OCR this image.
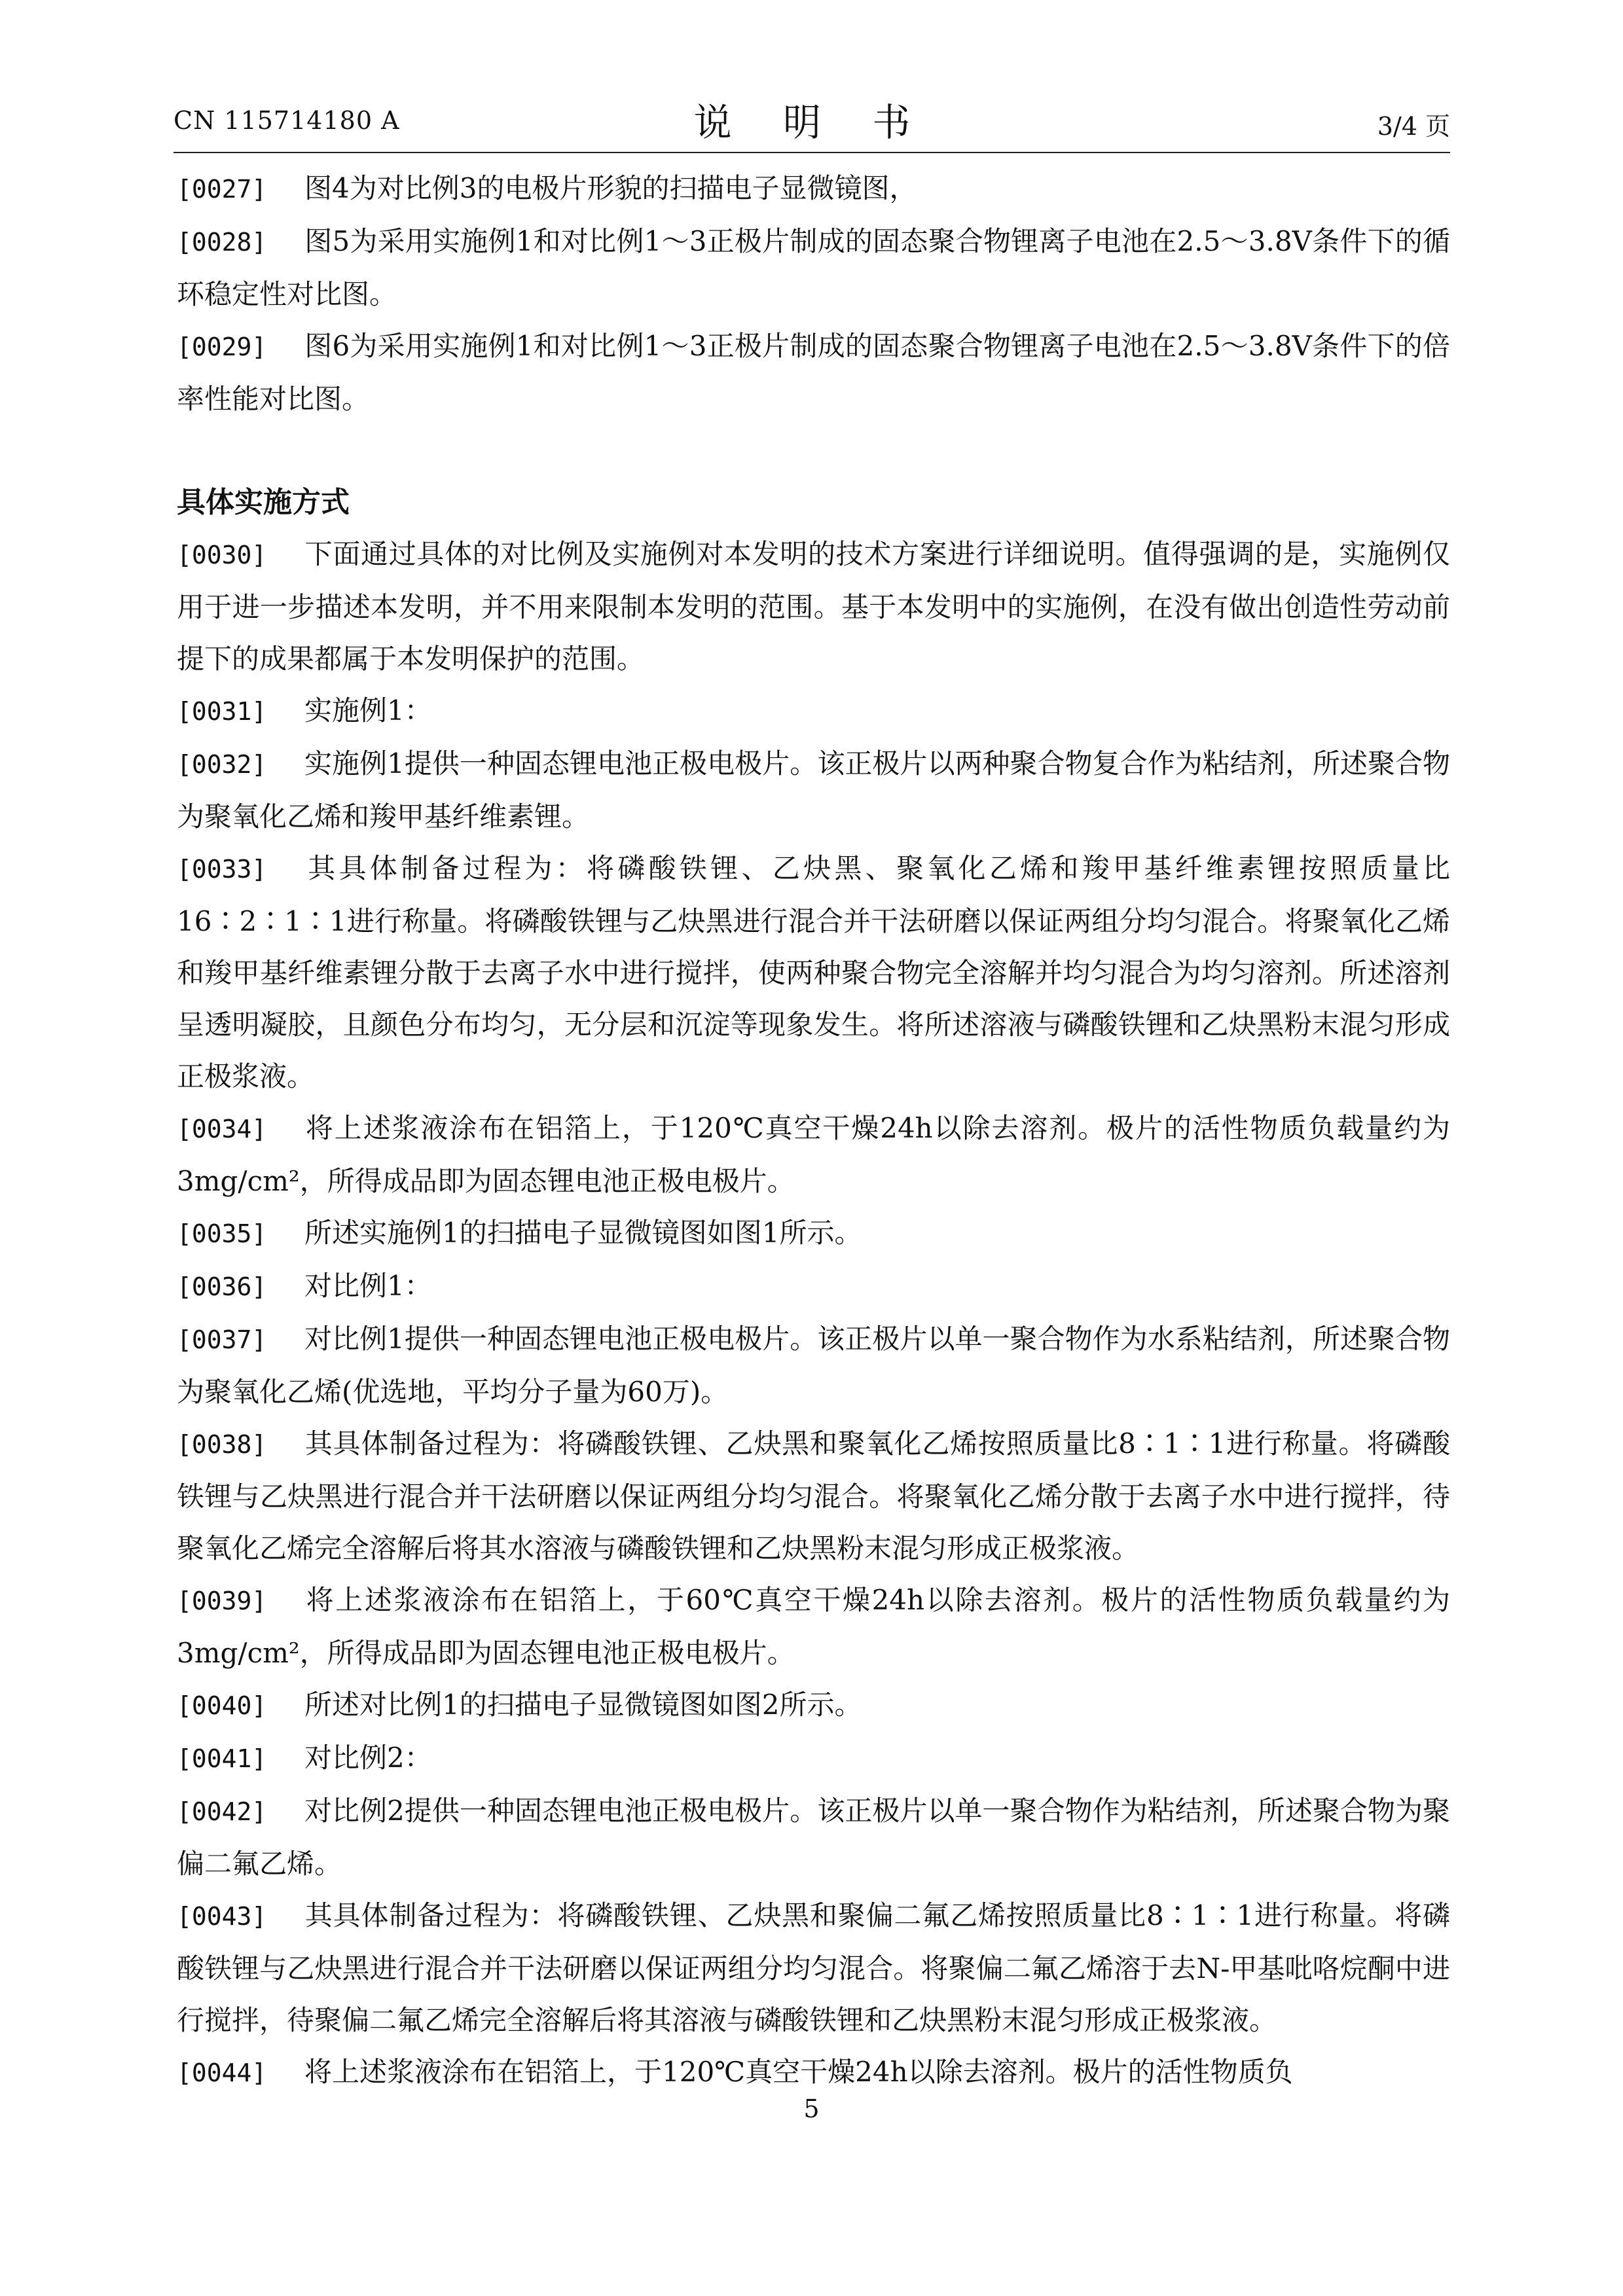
CN 115714180 A	说 明 书	3/4 页

[0027] 图4为对比例3的电极片形貌的扫描电子显微镜图，

[0028] 图5为采用实施例1和对比例1～3正极片制成的固态聚合物锂离子电池在2.5～3.8V条件下的循环稳定性对比图。

[0029] 图6为采用实施例1和对比例1～3正极片制成的固态聚合物锂离子电池在2.5～3.8V条件下的倍率性能对比图。

具体实施方式

[0030] 下面通过具体的对比例及实施例对本发明的技术方案进行详细说明。值得强调的是，实施例仅用于进一步描述本发明，并不用来限制本发明的范围。基于本发明中的实施例，在没有做出创造性劳动前提下的成果都属于本发明保护的范围。

[0031] 实施例1：

[0032] 实施例1提供一种固态锂电池正极电极片。该正极片以两种聚合物复合作为粘结剂，所述聚合物为聚氧化乙烯和羧甲基纤维素锂。

[0033] 其具体制备过程为：将磷酸铁锂、乙炔黑、聚氧化乙烯和羧甲基纤维素锂按照质量比16∶2∶1∶1进行称量。将磷酸铁锂与乙炔黑进行混合并干法研磨以保证两组分均匀混合。将聚氧化乙烯和羧甲基纤维素锂分散于去离子水中进行搅拌，使两种聚合物完全溶解并均匀混合为均匀溶剂。所述溶剂呈透明凝胶，且颜色分布均匀，无分层和沉淀等现象发生。将所述溶液与磷酸铁锂和乙炔黑粉末混匀形成正极浆液。

[0034] 将上述浆液涂布在铝箔上，于120℃真空干燥24h以除去溶剂。极片的活性物质负载量约为3mg/cm²，所得成品即为固态锂电池正极电极片。

[0035] 所述实施例1的扫描电子显微镜图如图1所示。

[0036] 对比例1：

[0037] 对比例1提供一种固态锂电池正极电极片。该正极片以单一聚合物作为水系粘结剂，所述聚合物为聚氧化乙烯(优选地，平均分子量为60万)。

[0038] 其具体制备过程为：将磷酸铁锂、乙炔黑和聚氧化乙烯按照质量比8∶1∶1进行称量。将磷酸铁锂与乙炔黑进行混合并干法研磨以保证两组分均匀混合。将聚氧化乙烯分散于去离子水中进行搅拌，待聚氧化乙烯完全溶解后将其水溶液与磷酸铁锂和乙炔黑粉末混匀形成正极浆液。

[0039] 将上述浆液涂布在铝箔上，于60℃真空干燥24h以除去溶剂。极片的活性物质负载量约为3mg/cm²，所得成品即为固态锂电池正极电极片。

[0040] 所述对比例1的扫描电子显微镜图如图2所示。

[0041] 对比例2：

[0042] 对比例2提供一种固态锂电池正极电极片。该正极片以单一聚合物作为粘结剂，所述聚合物为聚偏二氟乙烯。

[0043] 其具体制备过程为：将磷酸铁锂、乙炔黑和聚偏二氟乙烯按照质量比8∶1∶1进行称量。将磷酸铁锂与乙炔黑进行混合并干法研磨以保证两组分均匀混合。将聚偏二氟乙烯溶于去N-甲基吡咯烷酮中进行搅拌，待聚偏二氟乙烯完全溶解后将其溶液与磷酸铁锂和乙炔黑粉末混匀形成正极浆液。

[0044] 将上述浆液涂布在铝箔上，于120℃真空干燥24h以除去溶剂。极片的活性物质负

5
